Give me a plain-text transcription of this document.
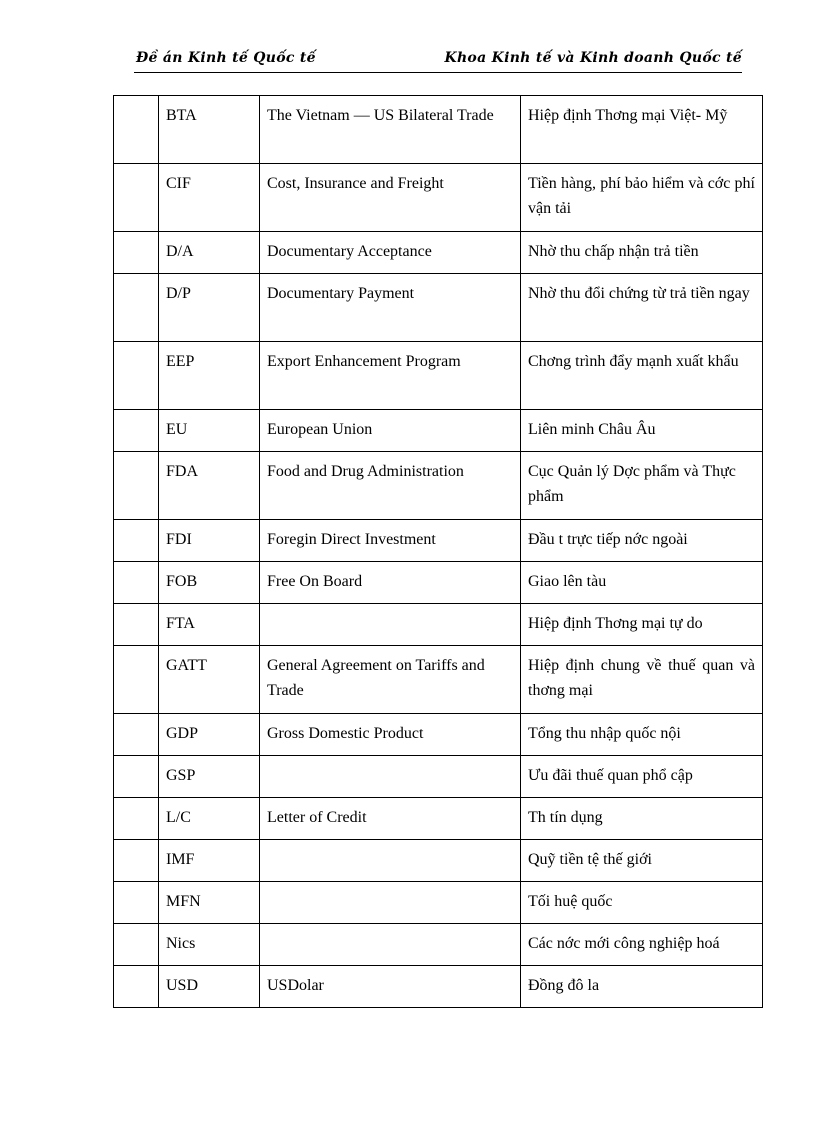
Đề án Kinh tế Quốc tế	Khoa Kinh tế và Kinh doanh Quốc tế
	BTA	The Vietnam — US Bilateral Trade	Hiệp định Thơng mại Việt- Mỹ
	CIF	Cost, Insurance and Freight	Tiền hàng, phí bảo hiểm và cớc phí vận tải
	D/A	Documentary Acceptance	Nhờ thu chấp nhận trả tiền
	D/P	Documentary Payment	Nhờ thu đổi chứng từ trả tiền ngay
	EEP	Export Enhancement Program	Chơng trình đẩy mạnh xuất khẩu
	EU	European Union	Liên minh Châu Âu
	FDA	Food and Drug Administration	Cục Quản lý Dợc phẩm và Thực phẩm
	FDI	Foregin Direct Investment	Đầu t trực tiếp nớc ngoài
	FOB	Free On Board	Giao lên tàu
	FTA		Hiệp định Thơng mại tự do
	GATT	General Agreement on Tariffs and Trade	Hiệp định chung về thuế quan và thơng mại
	GDP	Gross Domestic Product	Tổng thu nhập quốc nội
	GSP		Ưu đãi thuế quan phổ cập
	L/C	Letter of Credit	Th tín dụng
	IMF		Quỹ tiền tệ thế giới
	MFN		Tối huệ quốc
	Nics		Các nớc mới công nghiệp hoá
	USD	USDolar	Đồng đô la
